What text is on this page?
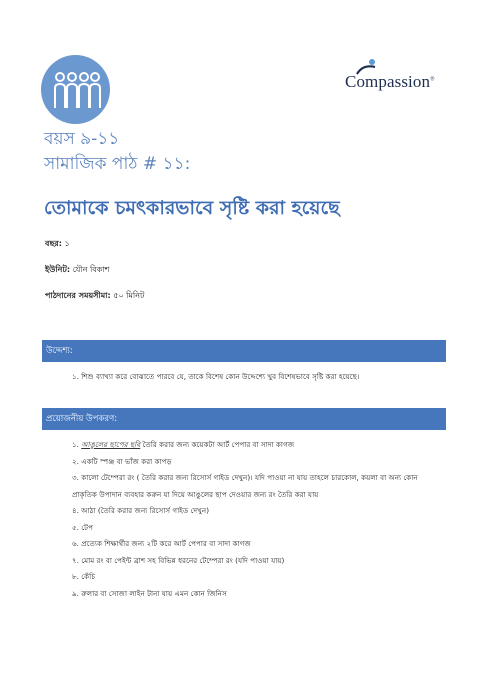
Compassion®
বয়স ৯-১১
সামাজিক পাঠ # ১১:
তোমাকে চমৎকারভাবে সৃষ্টি করা হয়েছে
বছর: ১
ইউনিট: যৌন বিকাশ
পাঠদানের সময়সীমা: ৫০ মিনিট
উদ্দেশ্য:
১. শিশু ব্যাখ্যা করে বোঝাতে পারবে যে, তাকে বিশেষ কোন উদ্দেশ্যে খুব বিশেষভাবে সৃষ্টি করা হয়েছে।
প্রয়োজনীয় উপকরণ:
১. আঙুলের ছাপের ছবি তৈরি করার জন্য কয়েকটা আর্ট পেপার বা সাদা কাগজ
২. একটি স্পঞ্জ বা ভাঁজ করা কাপড়
৩. কালো টেম্পেরা রং ( তৈরি করার জন্য রিসোর্স গাইড দেখুন)। যদি পাওয়া না যায় তাহলে চারকোল, কয়লা বা অন্য কোন প্রাকৃতিক উপাদান ব্যবহার করুন যা দিয়ে আঙুলের ছাপ দেওয়ার জন্য রং তৈরি করা যায়
৪. আঠা (তৈরি করার জন্য রিসোর্স গাইড দেখুন)
৫. টেপ
৬. প্রত্যেক শিক্ষার্থীর জন্য ২টি করে আর্ট পেপার বা সাদা কাগজ
৭. মোম রং বা পেইন্ট ব্রাশ সহ বিভিন্ন ধরনের টেম্পেরা রং (যদি পাওয়া যায়)
৮. কেঁচি
৯. রুলার বা সোজা লাইন টানা যায় এমন কোন জিনিস
